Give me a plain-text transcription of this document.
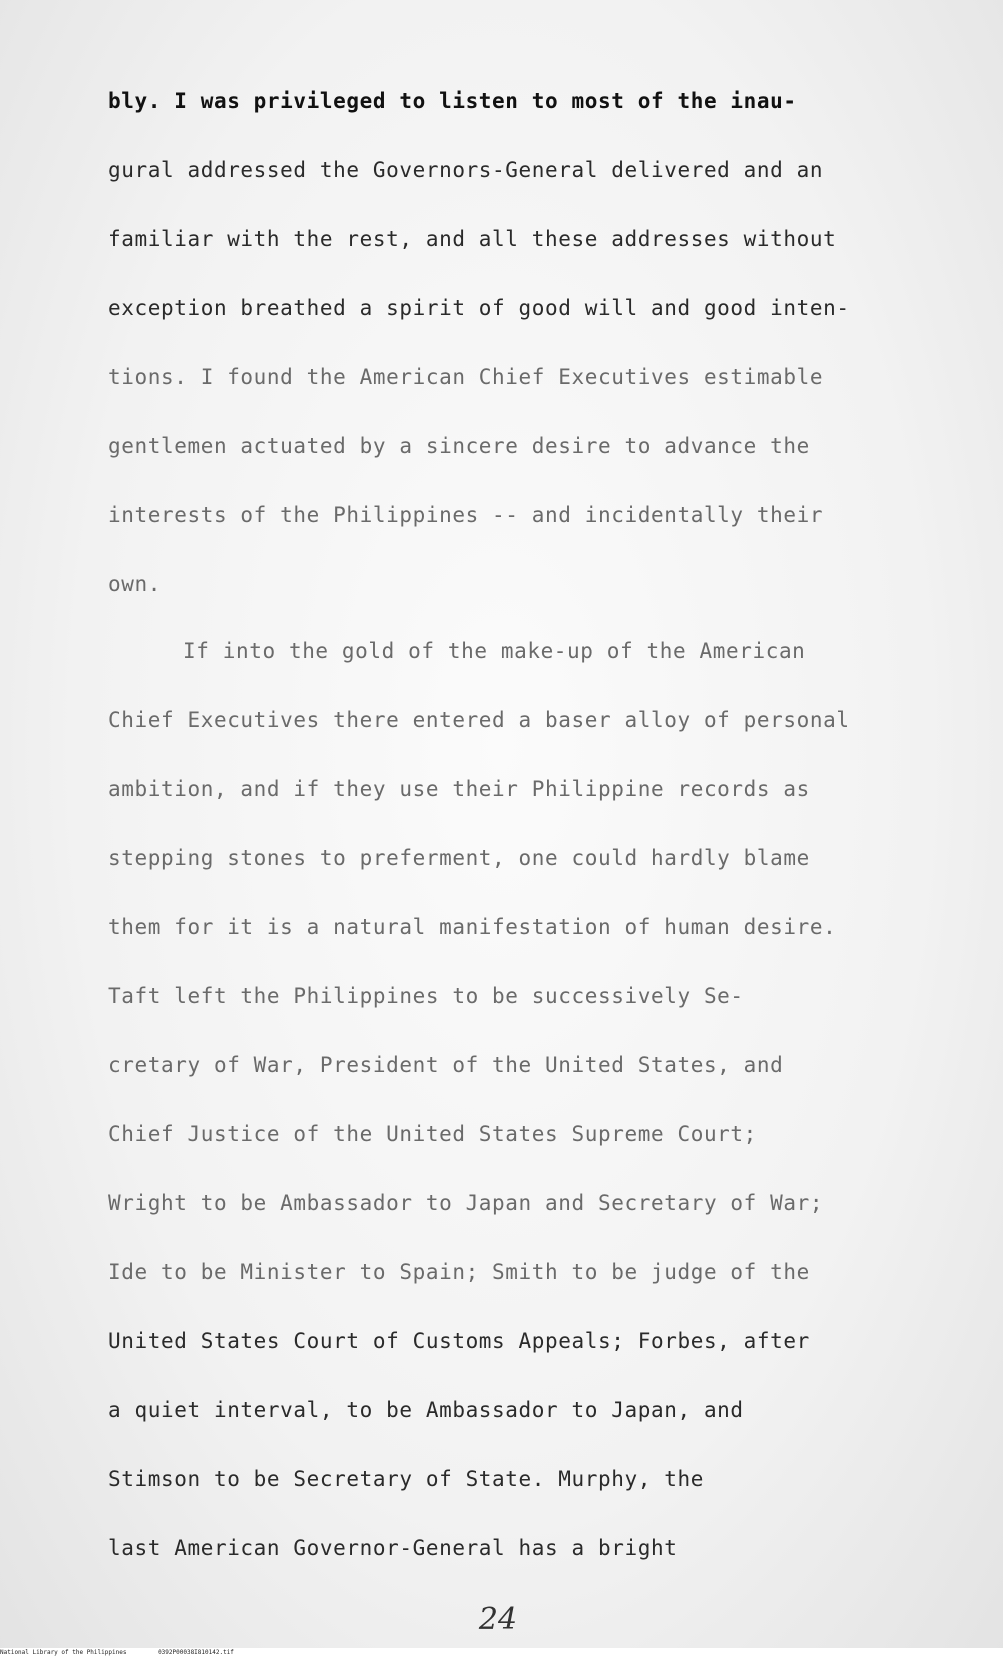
bly. I was privileged to listen to most of the inau-
gural addressed the Governors-General delivered and an
familiar with the rest, and all these addresses without
exception breathed a spirit of good will and good inten-
tions. I found the American Chief Executives estimable
gentlemen actuated by a sincere desire to advance the
interests of the Philippines -- and incidentally their
own.
If into the gold of the make-up of the American
Chief Executives there entered a baser alloy of personal
ambition, and if they use their Philippine records as
stepping stones to preferment, one could hardly blame
them for it is a natural manifestation of human desire.
Taft left the Philippines to be successively Se-
cretary of War, President of the United States, and
Chief Justice of the United States Supreme Court;
Wright to be Ambassador to Japan and Secretary of War;
Ide to be Minister to Spain; Smith to be judge of the
United States Court of Customs Appeals; Forbes, after
a quiet interval, to be Ambassador to Japan, and
Stimson to be Secretary of State. Murphy, the
last American Governor-General has a bright
24
National Library of the Philippines	0392P00038I810142.tif
